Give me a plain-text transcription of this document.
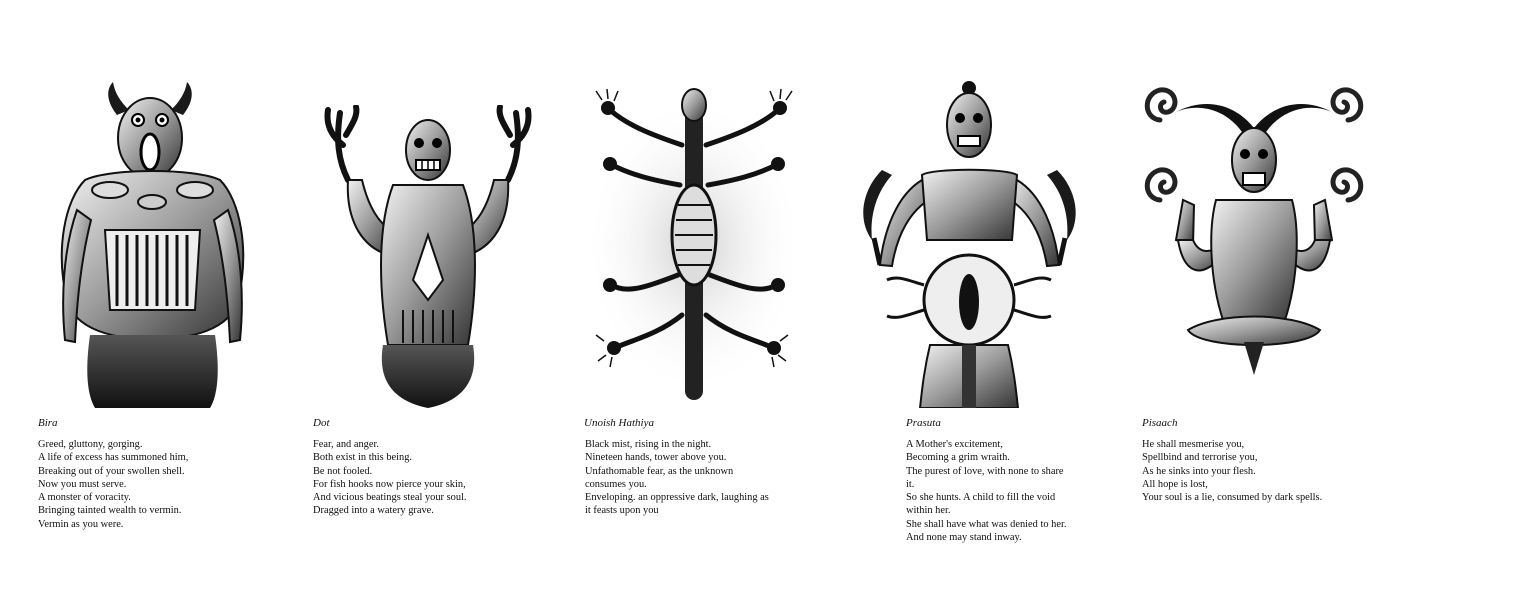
Bira
Greed, gluttony, gorging.
A life of excess has summoned him,
Breaking out of your swollen shell.
Now you must serve.
A monster of voracity.
Bringing tainted wealth to vermin.
Vermin as you were.
Dot
Fear, and anger.
Both exist in this being.
Be not fooled.
For fish hooks now pierce your skin,
And vicious beatings steal your soul.
Dragged into a watery grave.
Unoish Hathiya
Black mist, rising in the night.
Nineteen hands, tower above you.
Unfathomable fear, as the unknown
consumes you.
Enveloping. an oppressive dark, laughing as
it feasts upon you
Prasuta
A Mother's excitement,
Becoming a grim wraith.
The purest of love, with none to share
it.
So she hunts. A child to fill the void
within her.
She shall have what was denied to her.
And none may stand inway.
Pisaach
He shall mesmerise you,
Spellbind and terrorise you,
As he sinks into your flesh.
All hope is lost,
Your soul is a lie, consumed by dark spells.
